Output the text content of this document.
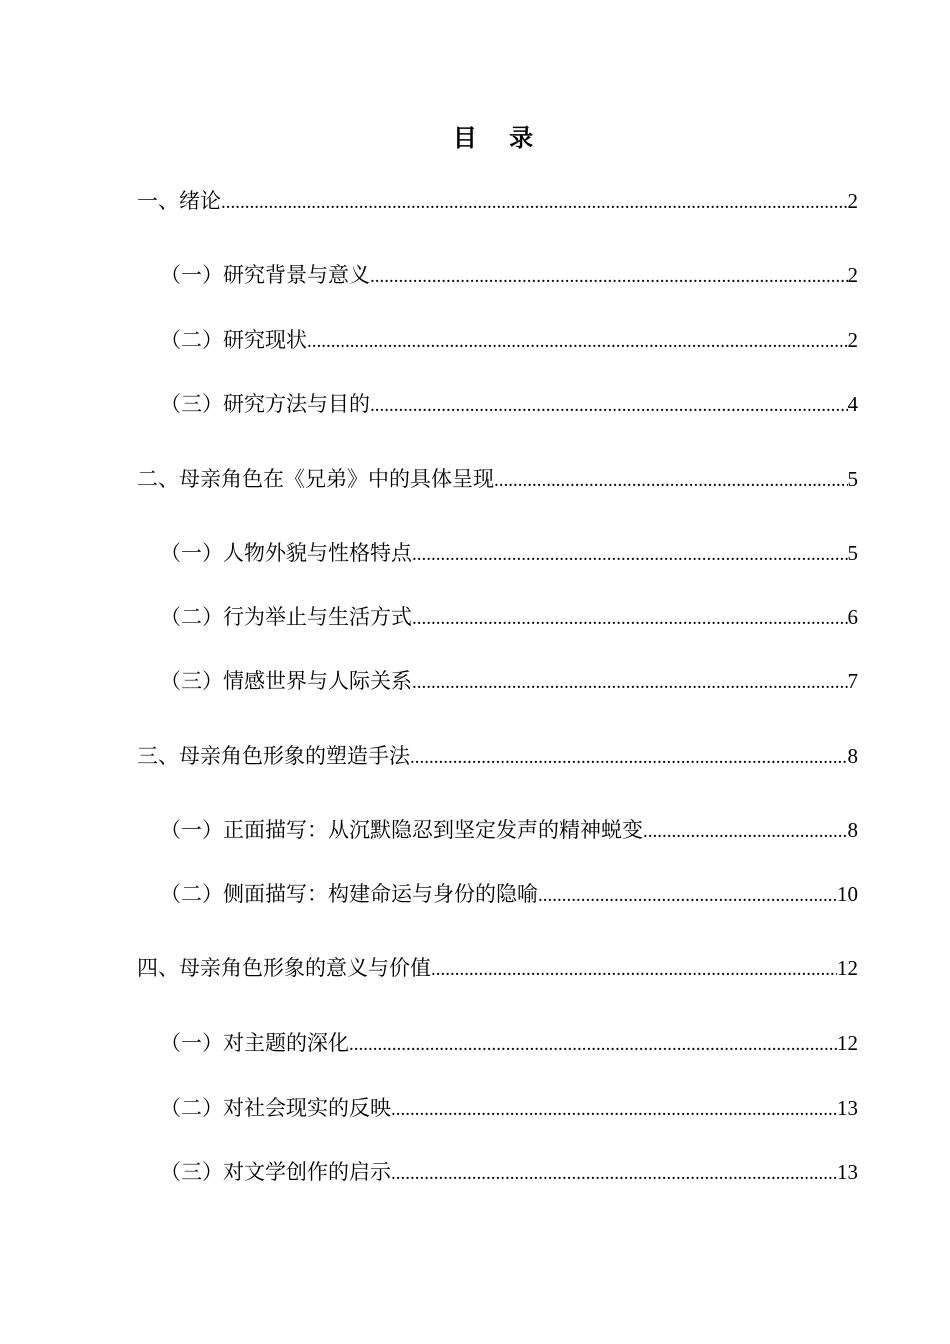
目 录
一、绪论 .....	2
（一）研究背景与意义 .....	2
（二）研究现状 .....	2
（三）研究方法与目的 .....	4
二、母亲角色在《兄弟》中的具体呈现 .....	5
（一）人物外貌与性格特点 .....	5
（二）行为举止与生活方式 .....	6
（三）情感世界与人际关系 .....	7
三、母亲角色形象的塑造手法 .....	8
（一）正面描写：从沉默隐忍到坚定发声的精神蜕变 .....	8
（二）侧面描写：构建命运与身份的隐喻 .....	10
四、母亲角色形象的意义与价值 .....	12
（一）对主题的深化 .....	12
（二）对社会现实的反映 .....	13
（三）对文学创作的启示 .....	13
